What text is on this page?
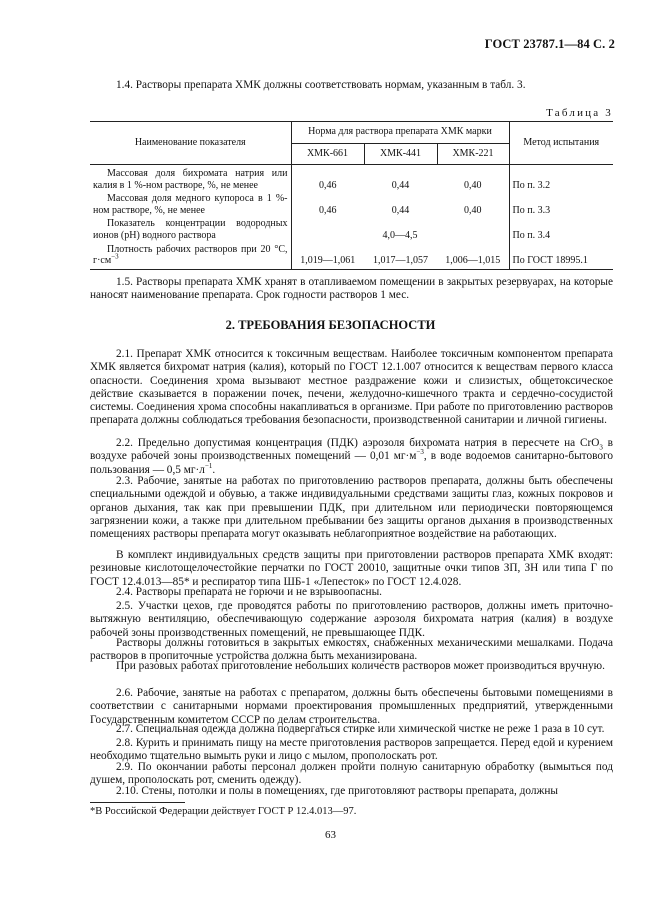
ГОСТ 23787.1—84 С. 2
1.4. Растворы препарата ХМК должны соответствовать нормам, указанным в табл. 3.
Таблица 3
Наименование показателя	Норма для раствора препарата ХМК марки			Метод испытания
	ХМК-661	ХМК-441	ХМК-221	
Массовая доля бихромата натрия или калия в 1 %-ном растворе, %, не менее	0,46	0,44	0,40	По п. 3.2
Массовая доля медного купороса в 1 %-ном растворе, %, не менее	0,46	0,44	0,40	По п. 3.3
Показатель концентрации водородных ионов (pH) водного раствора	4,0—4,5			По п. 3.4
Плотность рабочих растворов при 20 °С, $г\cdot см^{-3}$	1,019—1,061	1,017—1,057	1,006—1,015	По ГОСТ 18995.1
1.5. Растворы препарата ХМК хранят в отапливаемом помещении в закрытых резервуарах, на которые наносят наименование препарата. Срок годности растворов 1 мес.
2. ТРЕБОВАНИЯ БЕЗОПАСНОСТИ
2.1. Препарат ХМК относится к токсичным веществам. Наиболее токсичным компонентом препарата ХМК является бихромат натрия (калия), который по ГОСТ 12.1.007 относится к веществам первого класса опасности. Соединения хрома вызывают местное раздражение кожи и слизистых, общетоксическое действие сказывается в поражении почек, печени, желудочно-кишечного тракта и сердечно-сосудистой системы. Соединения хрома способны накапливаться в организме. При работе по приготовлению растворов препарата должны соблюдаться требования безопасности, производственной санитарии и личной гигиены.
2.2. Предельно допустимая концентрация (ПДК) аэрозоля бихромата натрия в пересчете на CrO$_3$ в воздухе рабочей зоны производственных помещений — 0,01 $мг\cdot м^{-3}$, в воде водоемов санитарно-бытового пользования — 0,5 $мг\cdot л^{-1}$.
2.3. Рабочие, занятые на работах по приготовлению растворов препарата, должны быть обеспечены специальными одеждой и обувью, а также индивидуальными средствами защиты глаз, кожных покровов и органов дыхания, так как при превышении ПДК, при длительном или периодически повторяющемся загрязнении кожи, а также при длительном пребывании без защиты органов дыхания в производственных помещениях растворы препарата могут оказывать неблагоприятное воздействие на работающих.
В комплект индивидуальных средств защиты при приготовлении растворов препарата ХМК входят: резиновые кислотощелочестойкие перчатки по ГОСТ 20010, защитные очки типов ЗП, ЗН или типа Г по ГОСТ 12.4.013—85* и респиратор типа ШБ-1 «Лепесток» по ГОСТ 12.4.028.
2.4. Растворы препарата не горючи и не взрывоопасны.
2.5. Участки цехов, где проводятся работы по приготовлению растворов, должны иметь приточно-вытяжную вентиляцию, обеспечивающую содержание аэрозоля бихромата натрия (калия) в воздухе рабочей зоны производственных помещений, не превышающее ПДК.
Растворы должны готовиться в закрытых емкостях, снабженных механическими мешалками. Подача растворов в пропиточные устройства должна быть механизирована.
При разовых работах приготовление небольших количеств растворов может производиться вручную.
2.6. Рабочие, занятые на работах с препаратом, должны быть обеспечены бытовыми помещениями в соответствии с санитарными нормами проектирования промышленных предприятий, утвержденными Государственным комитетом СССР по делам строительства.
2.7. Специальная одежда должна подвергаться стирке или химической чистке не реже 1 раза в 10 сут.
2.8. Курить и принимать пищу на месте приготовления растворов запрещается. Перед едой и курением необходимо тщательно вымыть руки и лицо с мылом, прополоскать рот.
2.9. По окончании работы персонал должен пройти полную санитарную обработку (вымыться под душем, прополоскать рот, сменить одежду).
2.10. Стены, потолки и полы в помещениях, где приготовляют растворы препарата, должны
*В Российской Федерации действует ГОСТ Р 12.4.013—97.
63
